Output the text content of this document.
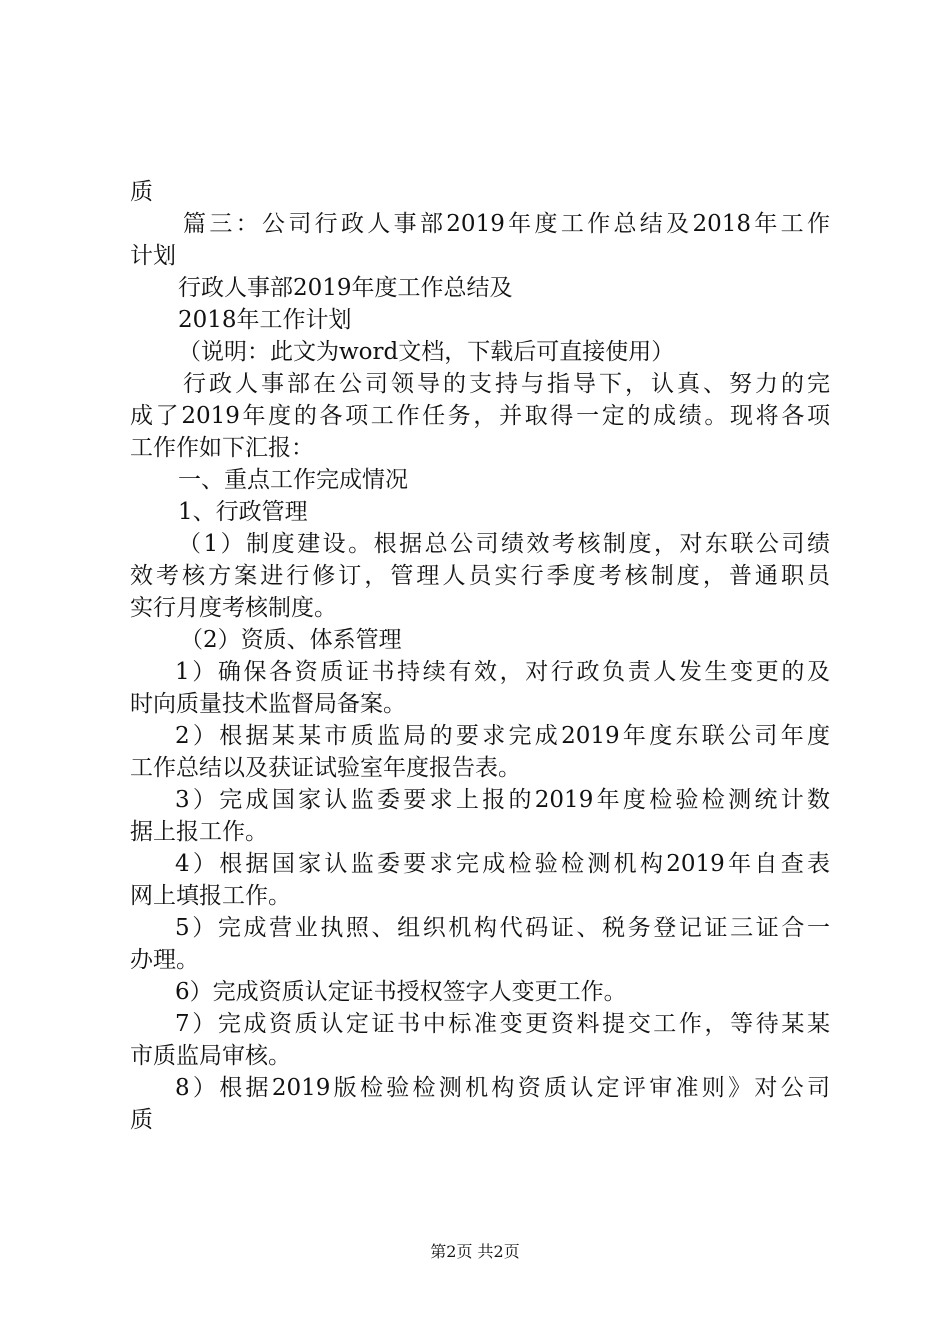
质
篇三：公司行政人事部2019年度工作总结及2018年工作
计划
行政人事部2019年度工作总结及
2018年工作计划
（说明：此文为word文档，下载后可直接使用）
行政人事部在公司领导的支持与指导下，认真、努力的完
成了2019年度的各项工作任务，并取得一定的成绩。现将各项
工作作如下汇报：
一、重点工作完成情况
1、行政管理
（1）制度建设。根据总公司绩效考核制度，对东联公司绩
效考核方案进行修订，管理人员实行季度考核制度，普通职员
实行月度考核制度。
（2）资质、体系管理
1）确保各资质证书持续有效，对行政负责人发生变更的及
时向质量技术监督局备案。
2）根据某某市质监局的要求完成2019年度东联公司年度
工作总结以及获证试验室年度报告表。
3）完成国家认监委要求上报的2019年度检验检测统计数
据上报工作。
4）根据国家认监委要求完成检验检测机构2019年自查表
网上填报工作。
5）完成营业执照、组织机构代码证、税务登记证三证合一
办理。
6）完成资质认定证书授权签字人变更工作。
7）完成资质认定证书中标准变更资料提交工作，等待某某
市质监局审核。
8）根据2019版检验检测机构资质认定评审准则》对公司
质
第2页 共2页
